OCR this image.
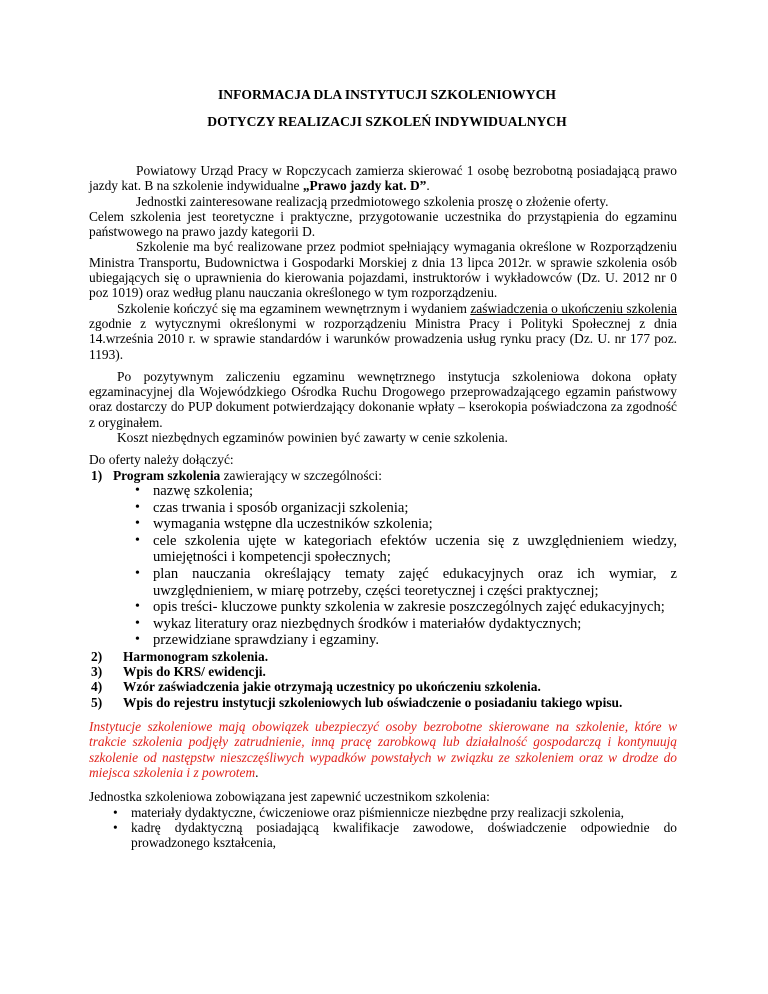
INFORMACJA DLA INSTYTUCJI SZKOLENIOWYCH

DOTYCZY REALIZACJI SZKOLEŃ INDYWIDUALNYCH

Powiatowy Urząd Pracy w Ropczycach zamierza skierować 1 osobę bezrobotną posiadającą prawo jazdy kat. B na szkolenie indywidualne „Prawo jazdy kat. D”.

Jednostki zainteresowane realizacją przedmiotowego szkolenia proszę o złożenie oferty.

Celem szkolenia jest teoretyczne i praktyczne, przygotowanie uczestnika do przystąpienia do egzaminu państwowego na prawo jazdy kategorii D.

Szkolenie ma być realizowane przez podmiot spełniający wymagania określone w Rozporządzeniu Ministra Transportu, Budownictwa i Gospodarki Morskiej z dnia 13 lipca 2012r. w sprawie szkolenia osób ubiegających się o uprawnienia do kierowania pojazdami, instruktorów i wykładowców (Dz. U. 2012 nr 0 poz 1019) oraz według planu nauczania określonego w tym rozporządzeniu.

Szkolenie kończyć się ma egzaminem wewnętrznym i wydaniem zaświadczenia o ukończeniu szkolenia zgodnie z wytycznymi określonymi w rozporządzeniu Ministra Pracy i Polityki Społecznej z dnia 14.września 2010 r. w sprawie standardów i warunków prowadzenia usług rynku pracy (Dz. U. nr 177 poz. 1193).

Po pozytywnym zaliczeniu egzaminu wewnętrznego instytucja szkoleniowa dokona opłaty egzaminacyjnej dla Wojewódzkiego Ośrodka Ruchu Drogowego przeprowadzającego egzamin państwowy oraz dostarczy do PUP dokument potwierdzający dokonanie wpłaty – kserokopia poświadczona za zgodność z oryginałem.

Koszt niezbędnych egzaminów powinien być zawarty w cenie szkolenia.

Do oferty należy dołączyć:

1) Program szkolenia zawierający w szczególności:
• nazwę szkolenia;
• czas trwania i sposób organizacji szkolenia;
• wymagania wstępne dla uczestników szkolenia;
• cele szkolenia ujęte w kategoriach efektów uczenia się z uwzględnieniem wiedzy, umiejętności i kompetencji społecznych;
• plan nauczania określający tematy zajęć edukacyjnych oraz ich wymiar, z uwzględnieniem, w miarę potrzeby, części teoretycznej i części praktycznej;
• opis treści- kluczowe punkty szkolenia w zakresie poszczególnych zajęć edukacyjnych;
• wykaz literatury oraz niezbędnych środków i materiałów dydaktycznych;
• przewidziane sprawdziany i egzaminy.
2)	Harmonogram szkolenia.
3)	Wpis do KRS/ ewidencji.
4)	Wzór zaświadczenia jakie otrzymają uczestnicy po ukończeniu szkolenia.
5)	Wpis do rejestru instytucji szkoleniowych lub oświadczenie o posiadaniu takiego wpisu.

Instytucje szkoleniowe mają obowiązek ubezpieczyć osoby bezrobotne skierowane na szkolenie, które w trakcie szkolenia podjęły zatrudnienie, inną pracę zarobkową lub działalność gospodarczą i kontynuują szkolenie od następstw nieszczęśliwych wypadków powstałych w związku ze szkoleniem oraz w drodze do miejsca szkolenia i z powrotem.

Jednostka szkoleniowa zobowiązana jest zapewnić uczestnikom szkolenia:

• materiały dydaktyczne, ćwiczeniowe oraz piśmiennicze niezbędne przy realizacji szkolenia,
• kadrę dydaktyczną posiadającą kwalifikacje zawodowe, doświadczenie odpowiednie do prowadzonego kształcenia,
